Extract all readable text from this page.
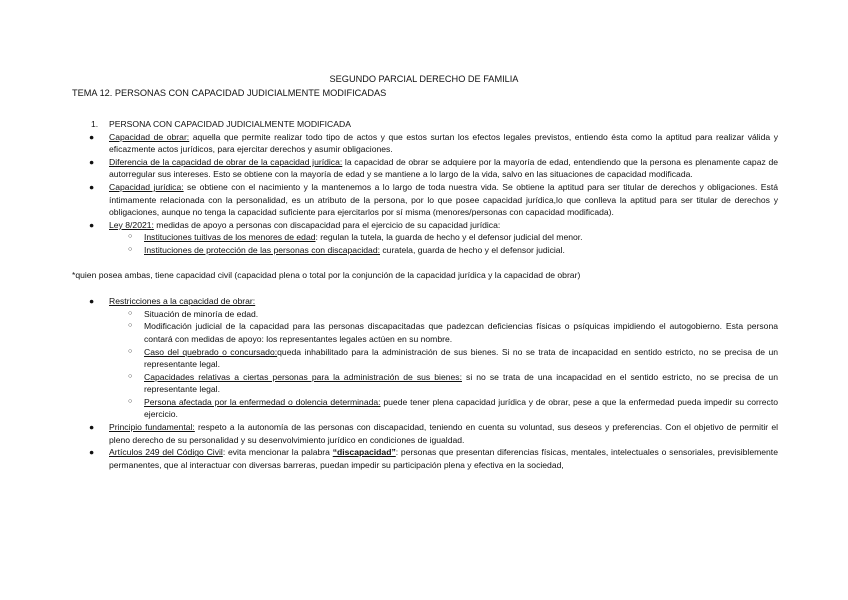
SEGUNDO PARCIAL DERECHO DE FAMILIA
TEMA 12. PERSONAS CON CAPACIDAD JUDICIALMENTE MODIFICADAS
1. PERSONA CON CAPACIDAD JUDICIALMENTE MODIFICADA
● Capacidad de obrar: aquella que permite realizar todo tipo de actos y que estos surtan los efectos legales previstos, entiendo ésta como la aptitud para realizar válida y eficazmente actos jurídicos, para ejercitar derechos y asumir obligaciones.
● Diferencia de la capacidad de obrar de la capacidad jurídica: la capacidad de obrar se adquiere por la mayoría de edad, entendiendo que la persona es plenamente capaz de autorregular sus intereses. Esto se obtiene con la mayoría de edad y se mantiene a lo largo de la vida, salvo en las situaciones de capacidad modificada.
● Capacidad jurídica: se obtiene con el nacimiento y la mantenemos a lo largo de toda nuestra vida. Se obtiene la aptitud para ser titular de derechos y obligaciones. Está íntimamente relacionada con la personalidad, es un atributo de la persona, por lo que posee capacidad jurídica,lo que conlleva la aptitud para ser titular de derechos y obligaciones, aunque no tenga la capacidad suficiente para ejercitarlos por sí misma (menores/personas con capacidad modificada).
● Ley 8/2021: medidas de apoyo a personas con discapacidad para el ejercicio de su capacidad jurídica:
○ Instituciones tuitivas de los menores de edad: regulan la tutela, la guarda de hecho y el defensor judicial del menor.
○ Instituciones de protección de las personas con discapacidad: curatela, guarda de hecho y el defensor judicial.
*quien posea ambas, tiene capacidad civil (capacidad plena o total por la conjunción de la capacidad jurídica y la capacidad de obrar)
● Restricciones a la capacidad de obrar:
○ Situación de minoría de edad.
○ Modificación judicial de la capacidad para las personas discapacitadas que padezcan deficiencias físicas o psíquicas impidiendo el autogobierno. Esta persona contará con medidas de apoyo: los representantes legales actúen en su nombre.
○ Caso del quebrado o concursado:queda inhabilitado para la administración de sus bienes. Si no se trata de incapacidad en sentido estricto, no se precisa de un representante legal.
○ Capacidades relativas a ciertas personas para la administración de sus bienes: si no se trata de una incapacidad en el sentido estricto, no se precisa de un representante legal.
○ Persona afectada por la enfermedad o dolencia determinada: puede tener plena capacidad jurídica y de obrar, pese a que la enfermedad pueda impedir su correcto ejercicio.
● Principio fundamental: respeto a la autonomía de las personas con discapacidad, teniendo en cuenta su voluntad, sus deseos y preferencias. Con el objetivo de permitir el pleno derecho de su personalidad y su desenvolvimiento jurídico en condiciones de igualdad.
● Artículos 249 del Código Civil: evita mencionar la palabra “discapacidad”: personas que presentan diferencias físicas, mentales, intelectuales o sensoriales, previsiblemente permanentes, que al interactuar con diversas barreras, puedan impedir su participación plena y efectiva en la sociedad,
